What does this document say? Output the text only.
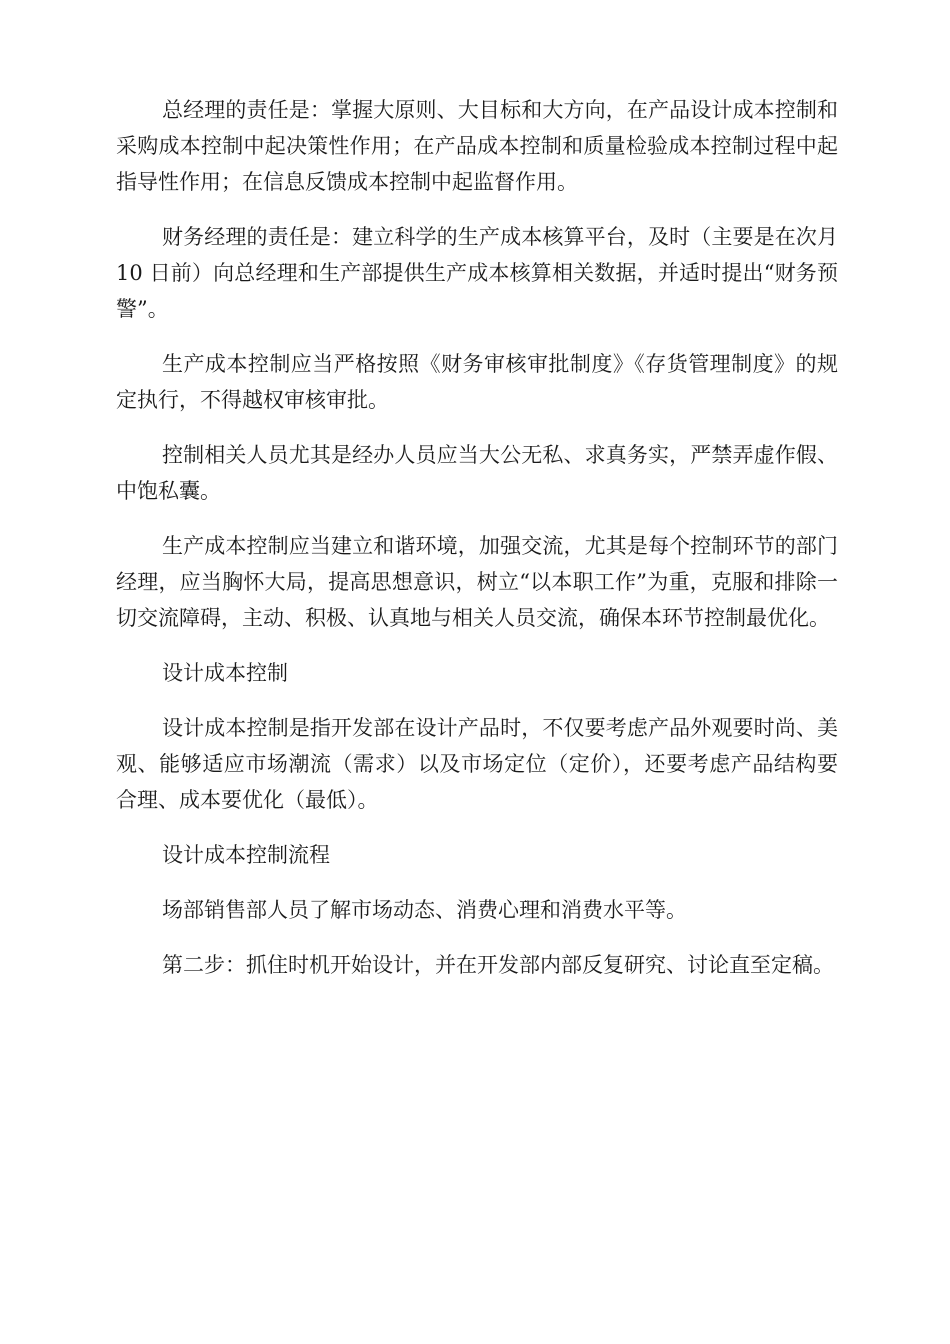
总经理的责任是：掌握大原则、大目标和大方向，在产品设计成本控制和采购成本控制中起决策性作用；在产品成本控制和质量检验成本控制过程中起指导性作用；在信息反馈成本控制中起监督作用。

财务经理的责任是：建立科学的生产成本核算平台，及时（主要是在次月 10 日前）向总经理和生产部提供生产成本核算相关数据，并适时提出“财务预警”。

生产成本控制应当严格按照《财务审核审批制度》《存货管理制度》的规定执行，不得越权审核审批。

控制相关人员尤其是经办人员应当大公无私、求真务实，严禁弄虚作假、中饱私囊。

生产成本控制应当建立和谐环境，加强交流，尤其是每个控制环节的部门经理，应当胸怀大局，提高思想意识，树立“以本职工作”为重，克服和排除一切交流障碍，主动、积极、认真地与相关人员交流，确保本环节控制最优化。

设计成本控制

设计成本控制是指开发部在设计产品时，不仅要考虑产品外观要时尚、美观、能够适应市场潮流（需求）以及市场定位（定价），还要考虑产品结构要合理、成本要优化（最低）。

设计成本控制流程

场部销售部人员了解市场动态、消费心理和消费水平等。

第二步：抓住时机开始设计，并在开发部内部反复研究、讨论直至定稿。
